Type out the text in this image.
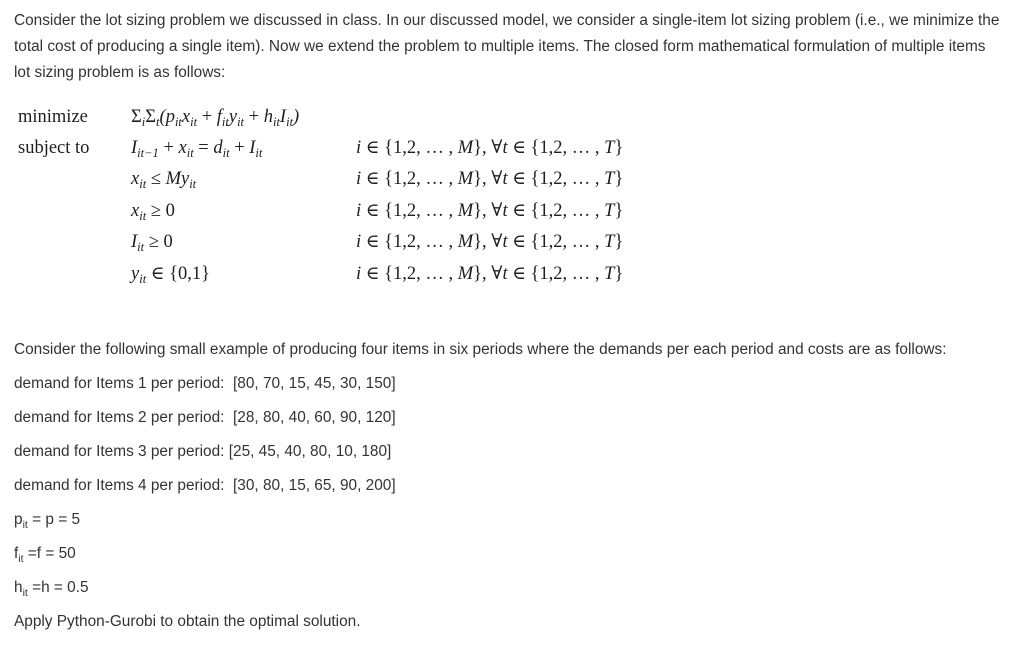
Consider the lot sizing problem we discussed in class. In our discussed model, we consider a single-item lot sizing problem (i.e., we minimize the total cost of producing a single item). Now we extend the problem to multiple items. The closed form mathematical formulation of multiple items lot sizing problem is as follows:
minimize $\Sigma_i\Sigma_t(p_{it}x_{it} + f_{it}y_{it} + h_{it}I_{it})$
subject to $I_{it-1} + x_{it} = d_{it} + I_{it}$	i ∈ {1,2, … , M}, ∀t ∈ {1,2, … , T}
$x_{it} \le My_{it}$	i ∈ {1,2, … , M}, ∀t ∈ {1,2, … , T}
$x_{it} \ge 0$	i ∈ {1,2, … , M}, ∀t ∈ {1,2, … , T}
$I_{it} \ge 0$	i ∈ {1,2, … , M}, ∀t ∈ {1,2, … , T}
$y_{it}$ ∈ {0,1}	i ∈ {1,2, … , M}, ∀t ∈ {1,2, … , T}
Consider the following small example of producing four items in six periods where the demands per each period and costs are as follows:
demand for Items 1 per period: [80, 70, 15, 45, 30, 150]
demand for Items 2 per period: [28, 80, 40, 60, 90, 120]
demand for Items 3 per period: [25, 45, 40, 80, 10, 180]
demand for Items 4 per period: [30, 80, 15, 65, 90, 200]
$p_{it} = p = 5$
$f_{it} =f = 50$
$h_{it} =h = 0.5$
Apply Python-Gurobi to obtain the optimal solution.
